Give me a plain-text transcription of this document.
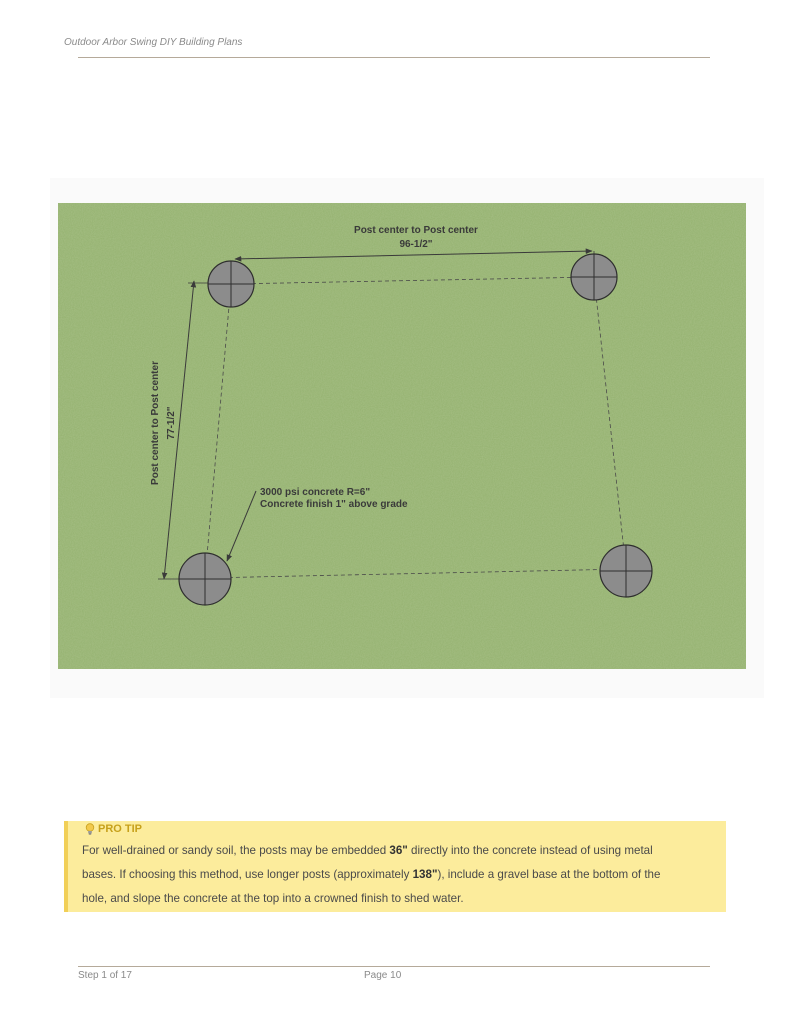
Outdoor Arbor Swing DIY Building Plans
Post center to Post center
96-1/2"
Post center to Post center 77-1/2"
3000 psi concrete R=6"
Concrete finish 1" above grade
PRO TIP
For well-drained or sandy soil, the posts may be embedded 36" directly into the concrete instead of using metal
bases. If choosing this method, use longer posts (approximately 138"), include a gravel base at the bottom of the
hole, and slope the concrete at the top into a crowned finish to shed water.
Step 1 of 17	Page 10
